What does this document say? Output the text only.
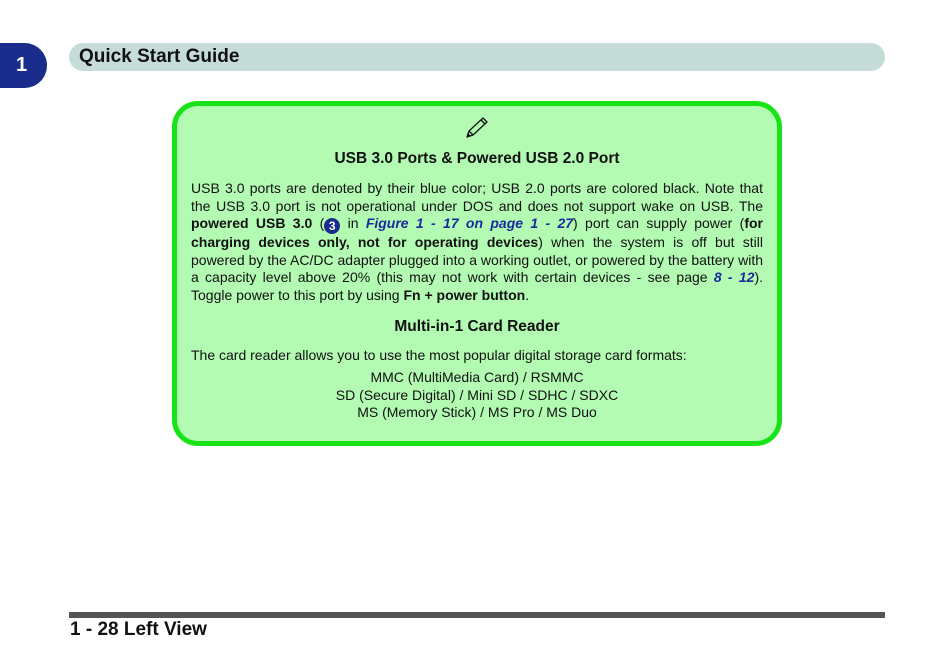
1	Quick Start Guide
USB 3.0 Ports & Powered USB 2.0 Port

USB 3.0 ports are denoted by their blue color; USB 2.0 ports are colored black. Note that the USB 3.0 port is not operational under DOS and does not support wake on USB. The powered USB 3.0 ( 3 in Figure 1 - 17 on page 1 - 27) port can supply power (for charging devices only, not for operating devices) when the system is off but still powered by the AC/DC adapter plugged into a working outlet, or powered by the battery with a capacity level above 20% (this may not work with certain devices - see page 8 - 12). Toggle power to this port by using Fn + power button.

Multi-in-1 Card Reader

The card reader allows you to use the most popular digital storage card formats:

MMC (MultiMedia Card) / RSMMC
SD (Secure Digital) / Mini SD / SDHC / SDXC
MS (Memory Stick) / MS Pro / MS Duo
1 - 28 Left View
